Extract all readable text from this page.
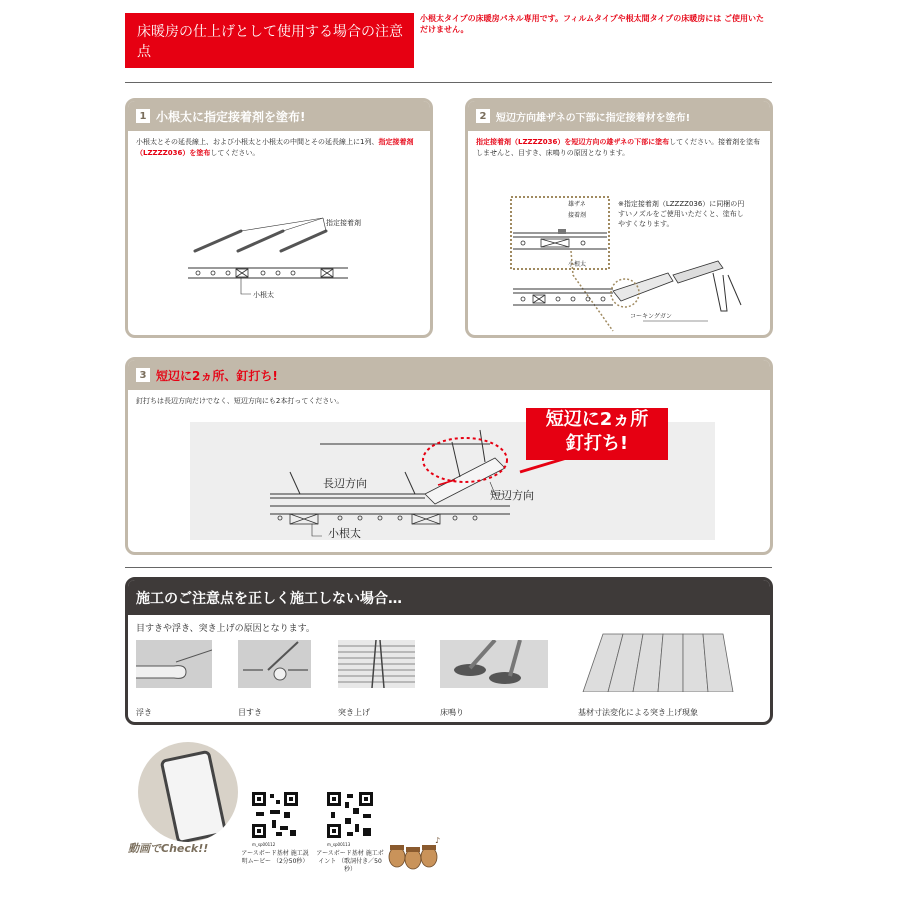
床暖房の仕上げとして使用する場合の注意点
小根太タイプの床暖房パネル専用です。フィルムタイプや根太間タイプの床暖房には ご使用いただけません。
1 小根太に指定接着剤を塗布!
小根太とその延長線上、および小根太と小根太の中間とその延長線上に1列、指定接着剤（LZZZZ036）を塗布してください。
指定接着剤
小根太
2 短辺方向雄ザネの下部に指定接着材を塗布!
指定接着剤（LZZZZ036）を短辺方向の雄ザネの下部に塗布してください。接着剤を塗布しませんと、目すき、床鳴りの原因となります。
雄ザネ
接着剤
小根太
コーキングガン
※指定接着剤（LZZZZ036）に同梱の円すいノズルをご使用いただくと、塗布しやすくなります。
3 短辺に2ヵ所、釘打ち!
釘打ちは長辺方向だけでなく、短辺方向にも2本打ってください。
長辺方向
短辺方向
小根太
短辺に2ヵ所
釘打ち!
施工のご注意点を正しく施工しない場合…
目すきや浮き、突き上げの原因となります。
浮き	目すき	突き上げ	床鳴り	基材寸法変化による突き上げ現象
動画でCheck!!	m_sp00112
アースボード基材 施工説明ムービー （2分50秒）
m_sp00113
アースボード基材 施工ポイント （歌詞付き／50秒）
♪
